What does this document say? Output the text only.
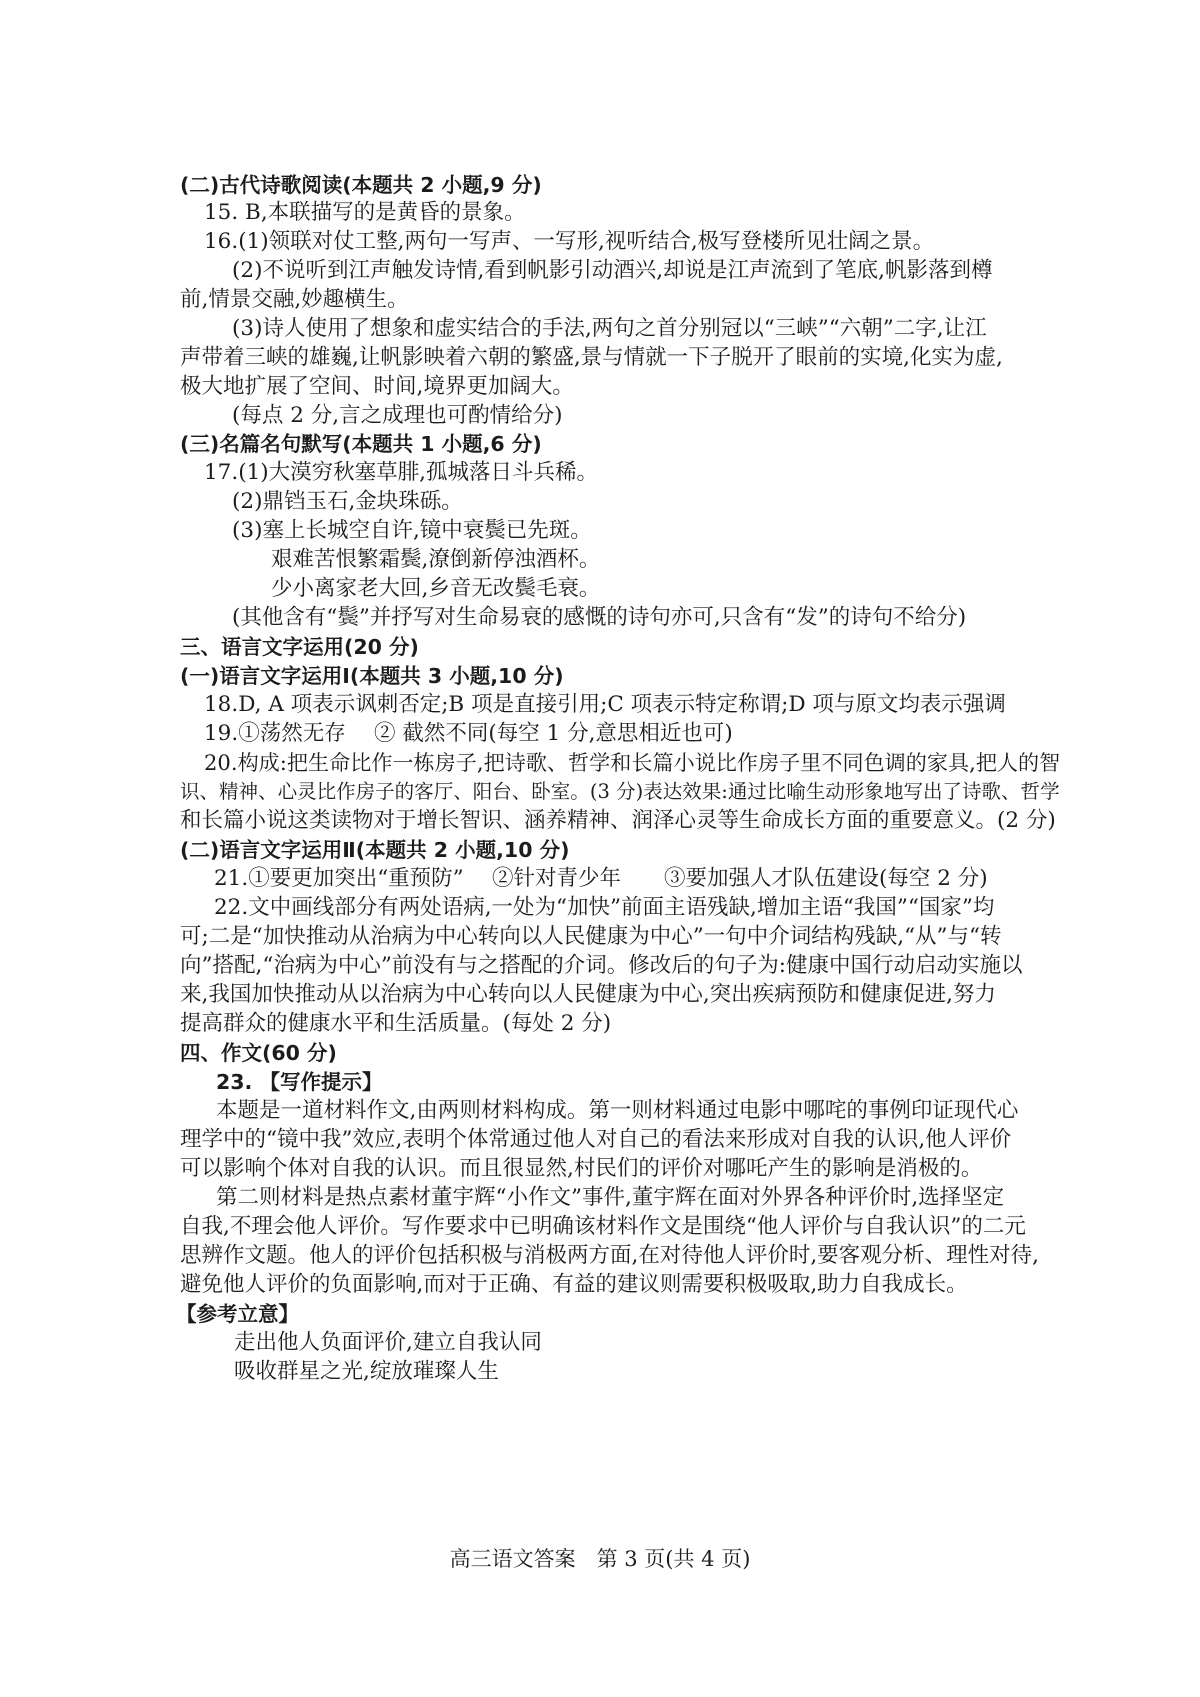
(二)古代诗歌阅读(本题共 2 小题,9 分)
15. B,本联描写的是黄昏的景象。
16.(1)领联对仗工整,两句一写声、一写形,视听结合,极写登楼所见壮阔之景。
(2)不说听到江声触发诗情,看到帆影引动酒兴,却说是江声流到了笔底,帆影落到樽
前,情景交融,妙趣横生。
(3)诗人使用了想象和虚实结合的手法,两句之首分别冠以“三峡”“六朝”二字,让江
声带着三峡的雄巍,让帆影映着六朝的繁盛,景与情就一下子脱开了眼前的实境,化实为虚,
极大地扩展了空间、时间,境界更加阔大。
(每点 2 分,言之成理也可酌情给分)
(三)名篇名句默写(本题共 1 小题,6 分)
17.(1)大漠穷秋塞草腓,孤城落日斗兵稀。
(2)鼎铛玉石,金块珠砾。
(3)塞上长城空自许,镜中衰鬓已先斑。
艰难苦恨繁霜鬓,潦倒新停浊酒杯。
少小离家老大回,乡音无改鬓毛衰。
(其他含有“鬓”并抒写对生命易衰的感慨的诗句亦可,只含有“发”的诗句不给分)
三、语言文字运用(20 分)
(一)语言文字运用Ⅰ(本题共 3 小题,10 分)
18.D, A 项表示讽刺否定;B 项是直接引用;C 项表示特定称谓;D 项与原文均表示强调
19.①荡然无存　 ② 截然不同(每空 1 分,意思相近也可)
20.构成:把生命比作一栋房子,把诗歌、哲学和长篇小说比作房子里不同色调的家具,把人的智
识、精神、心灵比作房子的客厅、阳台、卧室。(3 分)表达效果:通过比喻生动形象地写出了诗歌、哲学
和长篇小说这类读物对于增长智识、涵养精神、润泽心灵等生命成长方面的重要意义。(2 分)
(二)语言文字运用Ⅱ(本题共 2 小题,10 分)
21.①要更加突出“重预防”　 ②针对青少年　　③要加强人才队伍建设(每空 2 分)
22.文中画线部分有两处语病,一处为“加快”前面主语残缺,增加主语“我国”“国家”均
可;二是“加快推动从治病为中心转向以人民健康为中心”一句中介词结构残缺,“从”与“转
向”搭配,“治病为中心”前没有与之搭配的介词。修改后的句子为:健康中国行动启动实施以
来,我国加快推动从以治病为中心转向以人民健康为中心,突出疾病预防和健康促进,努力
提高群众的健康水平和生活质量。(每处 2 分)
四、作文(60 分)
23. 【写作提示】
本题是一道材料作文,由两则材料构成。第一则材料通过电影中哪咤的事例印证现代心
理学中的“镜中我”效应,表明个体常通过他人对自己的看法来形成对自我的认识,他人评价
可以影响个体对自我的认识。而且很显然,村民们的评价对哪吒产生的影响是消极的。
第二则材料是热点素材董宇辉“小作文”事件,董宇辉在面对外界各种评价时,选择坚定
自我,不理会他人评价。写作要求中已明确该材料作文是围绕“他人评价与自我认识”的二元
思辨作文题。他人的评价包括积极与消极两方面,在对待他人评价时,要客观分析、理性对待,
避免他人评价的负面影响,而对于正确、有益的建议则需要积极吸取,助力自我成长。
【参考立意】
走出他人负面评价,建立自我认同
吸收群星之光,绽放璀璨人生
高三语文答案　第 3 页(共 4 页)
